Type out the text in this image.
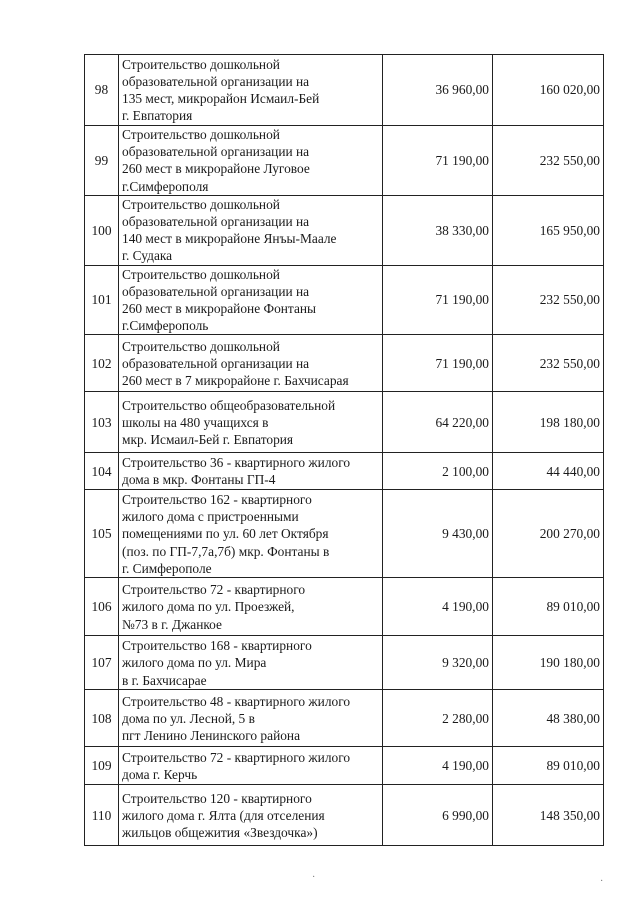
98	Строительство дошкольной
образовательной организации на
135 мест, микрорайон Исмаил-Бей
г. Евпатория	36 960,00	160 020,00
99	Строительство дошкольной
образовательной организации на
260 мест в микрорайоне Луговое
г.Симферополя	71 190,00	232 550,00
100	Строительство дошкольной
образовательной организации на
140 мест в микрорайоне Янъы-Маале
г. Судака	38 330,00	165 950,00
101	Строительство дошкольной
образовательной организации на
260 мест в микрорайоне Фонтаны
г.Симферополь	71 190,00	232 550,00
102	Строительство дошкольной
образовательной организации на
260 мест в 7 микрорайоне г. Бахчисарая	71 190,00	232 550,00
103	Строительство общеобразовательной
школы на 480 учащихся в
мкр. Исмаил-Бей г. Евпатория	64 220,00	198 180,00
104	Строительство 36 - квартирного жилого
дома в мкр. Фонтаны ГП-4	2 100,00	44 440,00
105	Строительство 162 - квартирного
жилого дома с пристроенными
помещениями по ул. 60 лет Октября
(поз. по ГП-7,7а,7б) мкр. Фонтаны в
г. Симферополе	9 430,00	200 270,00
106	Строительство 72 - квартирного
жилого дома по ул. Проезжей,
№73 в г. Джанкое	4 190,00	89 010,00
107	Строительство 168 - квартирного
жилого дома по ул. Мира
в г. Бахчисарае	9 320,00	190 180,00
108	Строительство 48 - квартирного жилого
дома по ул. Лесной, 5 в
пгт Ленино Ленинского района	2 280,00	48 380,00
109	Строительство 72 - квартирного жилого
дома г. Керчь	4 190,00	89 010,00
110	Строительство 120 - квартирного
жилого дома г. Ялта (для отселения
жильцов общежития «Звездочка»)	6 990,00	148 350,00
·	·
